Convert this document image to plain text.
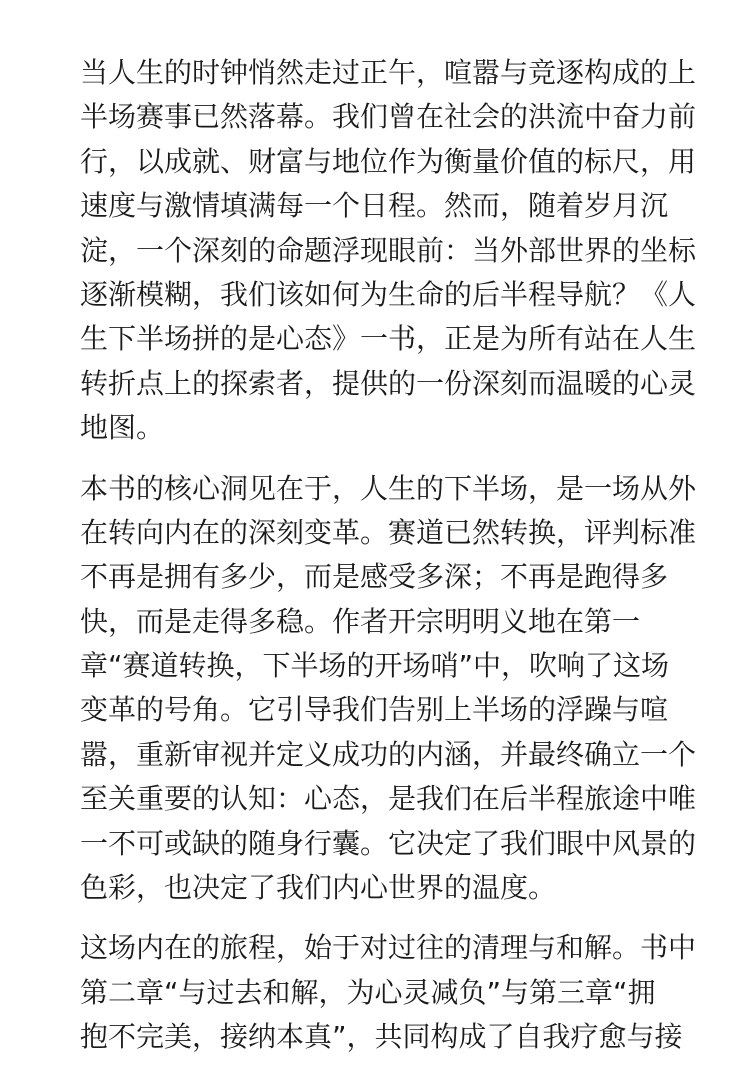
当人生的时钟悄然走过正午，喧嚣与竞逐构成的上
半场赛事已然落幕。我们曾在社会的洪流中奋力前
行，以成就、财富与地位作为衡量价值的标尺，用
速度与激情填满每一个日程。然而，随着岁月沉
淀，一个深刻的命题浮现眼前：当外部世界的坐标
逐渐模糊，我们该如何为生命的后半程导航？《人
生下半场拼的是心态》一书，正是为所有站在人生
转折点上的探索者，提供的一份深刻而温暖的心灵
地图。
本书的核心洞见在于，人生的下半场，是一场从外
在转向内在的深刻变革。赛道已然转换，评判标准
不再是拥有多少，而是感受多深；不再是跑得多
快，而是走得多稳。作者开宗明明义地在第一
章“赛道转换，下半场的开场哨”中，吹响了这场
变革的号角。它引导我们告别上半场的浮躁与喧
嚣，重新审视并定义成功的内涵，并最终确立一个
至关重要的认知：心态，是我们在后半程旅途中唯
一不可或缺的随身行囊。它决定了我们眼中风景的
色彩，也决定了我们内心世界的温度。
这场内在的旅程，始于对过往的清理与和解。书中
第二章“与过去和解，为心灵减负”与第三章“拥
抱不完美，接纳本真”，共同构成了自我疗愈与接
